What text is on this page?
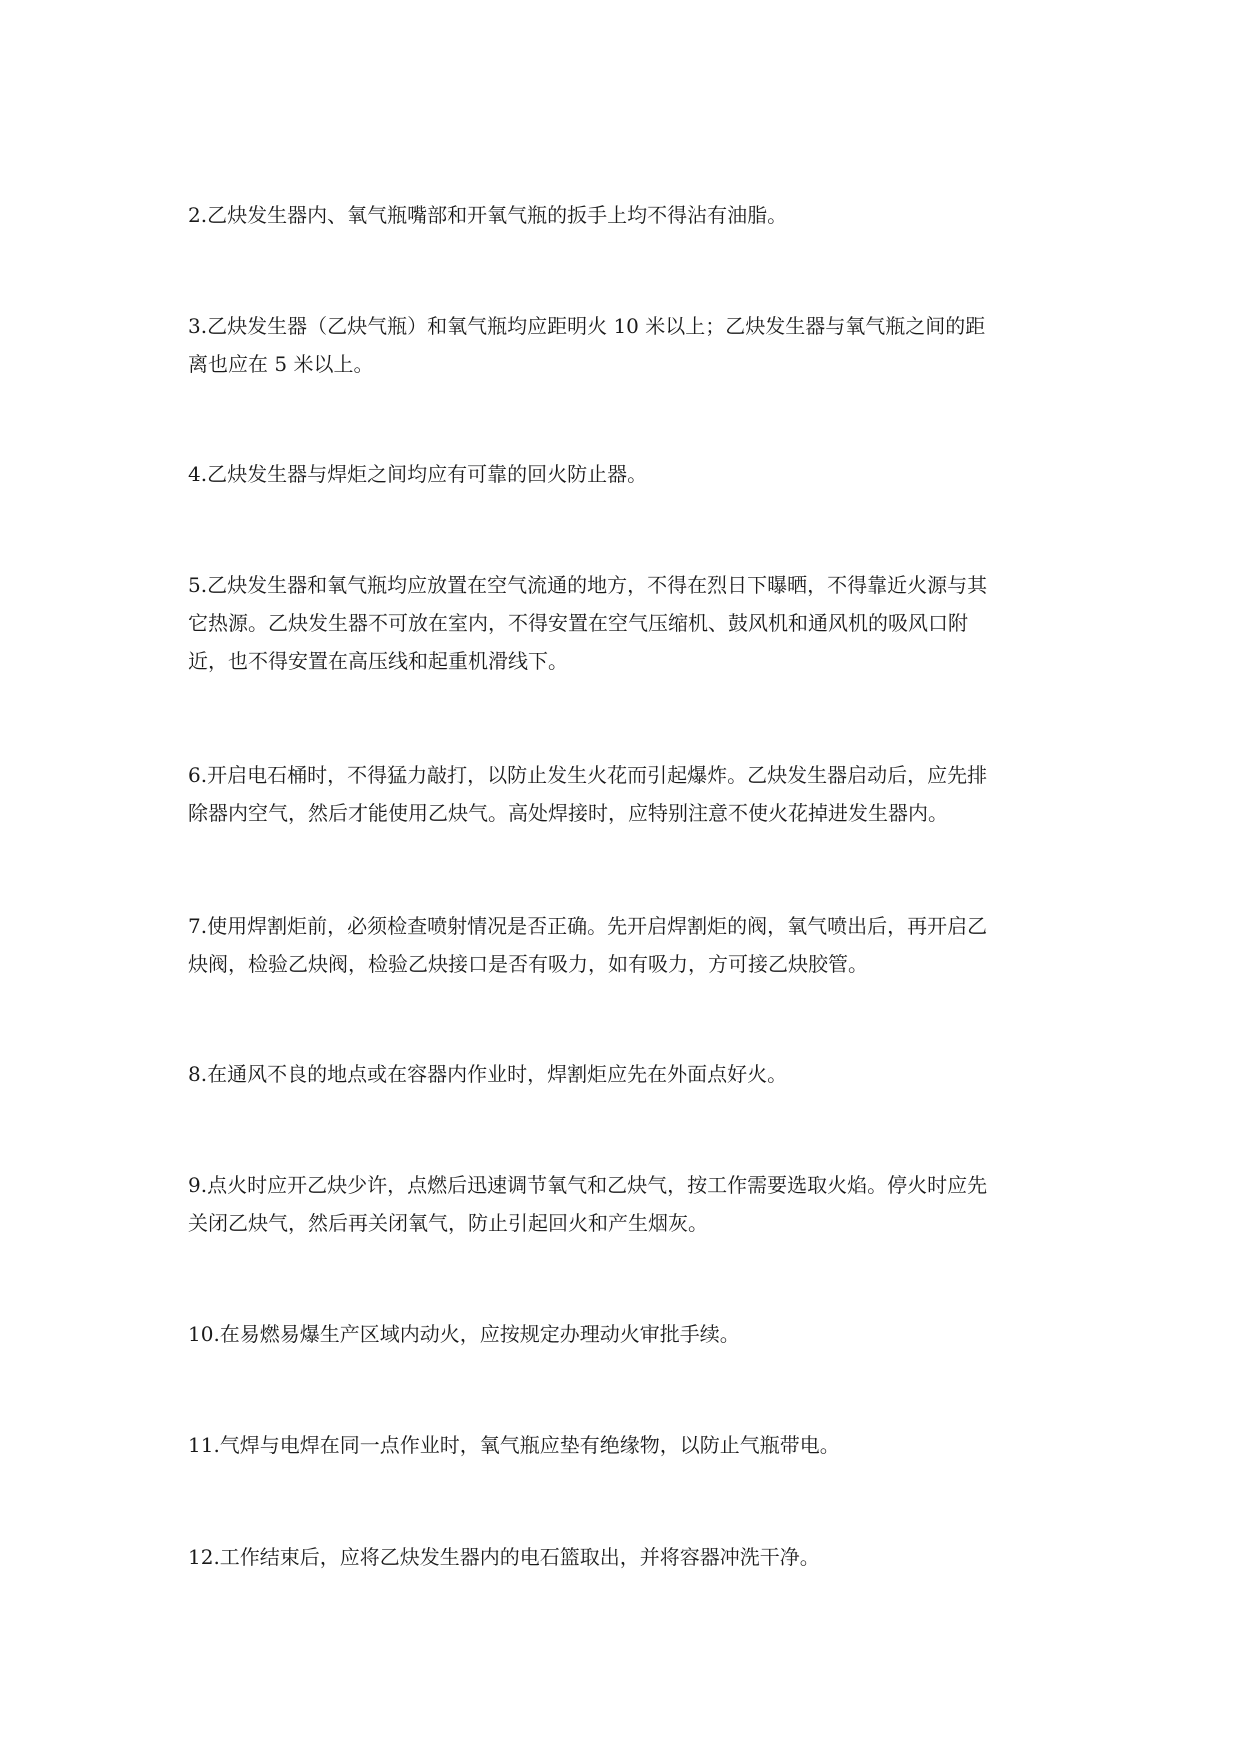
2.乙炔发生器内、氧气瓶嘴部和开氧气瓶的扳手上均不得沾有油脂。

3.乙炔发生器（乙炔气瓶）和氧气瓶均应距明火 10 米以上；乙炔发生器与氧气瓶之间的距
离也应在 5 米以上。

4.乙炔发生器与焊炬之间均应有可靠的回火防止器。

5.乙炔发生器和氧气瓶均应放置在空气流通的地方，不得在烈日下曝晒，不得靠近火源与其
它热源。乙炔发生器不可放在室内，不得安置在空气压缩机、鼓风机和通风机的吸风口附
近，也不得安置在高压线和起重机滑线下。

6.开启电石桶时，不得猛力敲打，以防止发生火花而引起爆炸。乙炔发生器启动后，应先排
除器内空气，然后才能使用乙炔气。高处焊接时，应特别注意不使火花掉进发生器内。

7.使用焊割炬前，必须检查喷射情况是否正确。先开启焊割炬的阀，氧气喷出后，再开启乙
炔阀，检验乙炔阀，检验乙炔接口是否有吸力，如有吸力，方可接乙炔胶管。

8.在通风不良的地点或在容器内作业时，焊割炬应先在外面点好火。

9.点火时应开乙炔少许，点燃后迅速调节氧气和乙炔气，按工作需要选取火焰。停火时应先
关闭乙炔气，然后再关闭氧气，防止引起回火和产生烟灰。

10.在易燃易爆生产区域内动火，应按规定办理动火审批手续。

11.气焊与电焊在同一点作业时，氧气瓶应垫有绝缘物，以防止气瓶带电。

12.工作结束后，应将乙炔发生器内的电石篮取出，并将容器冲洗干净。
